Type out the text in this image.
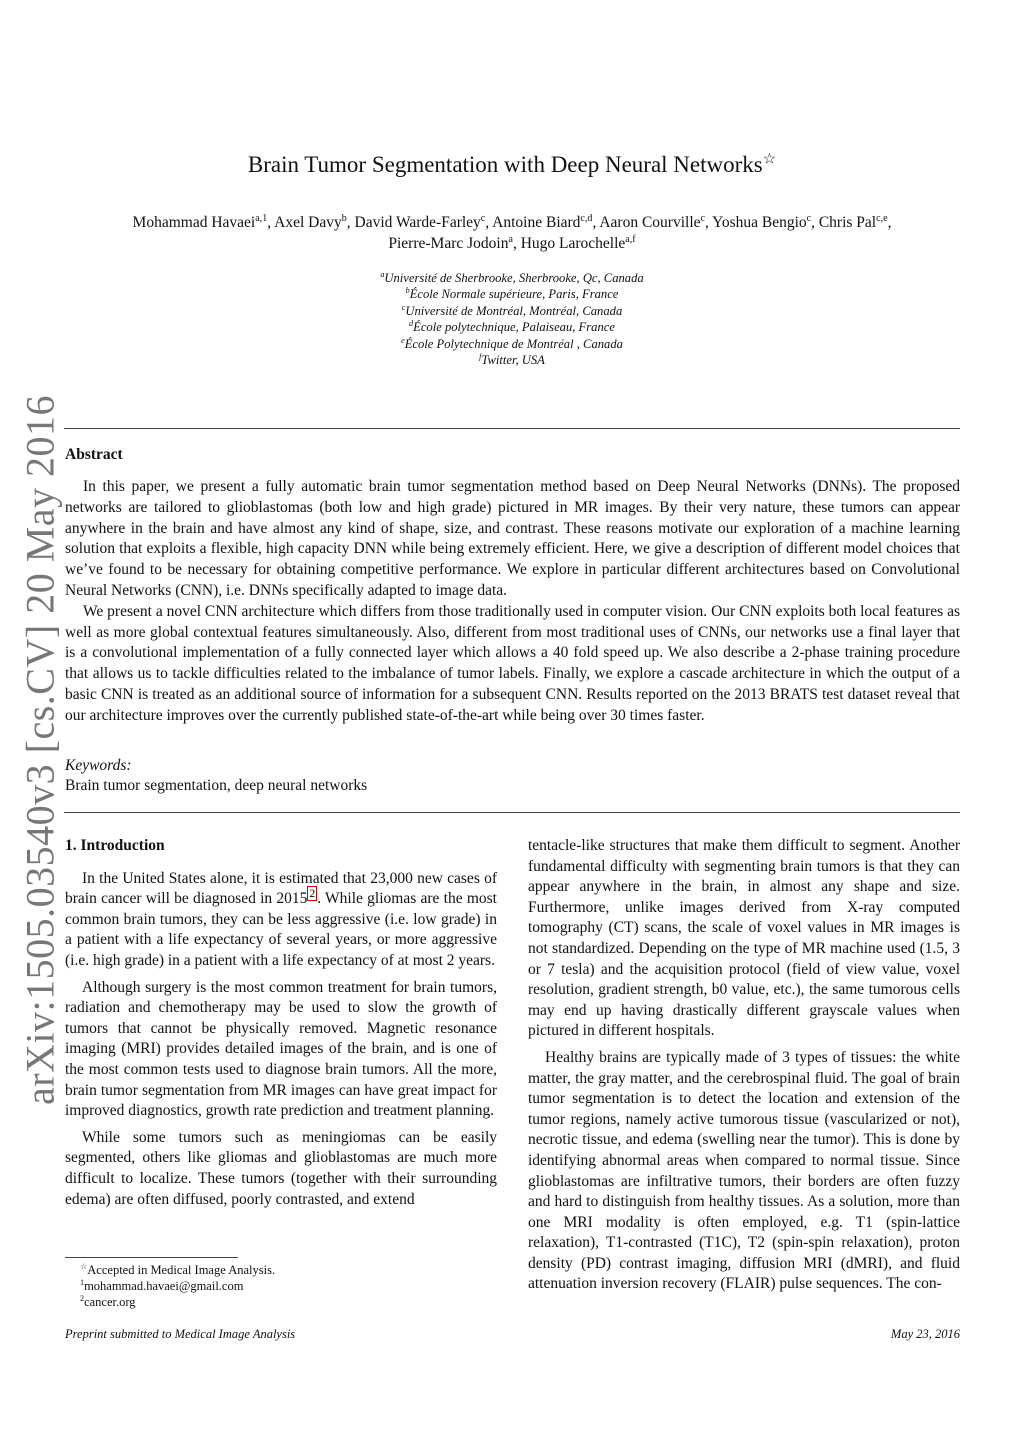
arXiv:1505.03540v3 [cs.CV] 20 May 2016
Brain Tumor Segmentation with Deep Neural Networks☆
Mohammad Havaei$^{a,1}$, Axel Davy$^b$, David Warde-Farley$^c$, Antoine Biard$^{c,d}$, Aaron Courville$^c$, Yoshua Bengio$^c$, Chris Pal$^{c,e}$,
Pierre-Marc Jodoin$^a$, Hugo Larochelle$^{a,f}$
$^a$Université de Sherbrooke, Sherbrooke, Qc, Canada
$^b$École Normale supérieure, Paris, France
$^c$Université de Montréal, Montréal, Canada
$^d$École polytechnique, Palaiseau, France
$^e$École Polytechnique de Montréal , Canada
$^f$Twitter, USA
Abstract

In this paper, we present a fully automatic brain tumor segmentation method based on Deep Neural Networks (DNNs). The proposed networks are tailored to glioblastomas (both low and high grade) pictured in MR images. By their very nature, these tumors can appear anywhere in the brain and have almost any kind of shape, size, and contrast. These reasons motivate our exploration of a machine learning solution that exploits a flexible, high capacity DNN while being extremely efficient. Here, we give a description of different model choices that we’ve found to be necessary for obtaining competitive performance. We explore in particular different architectures based on Convolutional Neural Networks (CNN), i.e. DNNs specifically adapted to image data.

We present a novel CNN architecture which differs from those traditionally used in computer vision. Our CNN exploits both local features as well as more global contextual features simultaneously. Also, different from most traditional uses of CNNs, our networks use a final layer that is a convolutional implementation of a fully connected layer which allows a 40 fold speed up. We also describe a 2-phase training procedure that allows us to tackle difficulties related to the imbalance of tumor labels. Finally, we explore a cascade architecture in which the output of a basic CNN is treated as an additional source of information for a subsequent CNN. Results reported on the 2013 BRATS test dataset reveal that our architecture improves over the currently published state-of-the-art while being over 30 times faster.

Keywords:
Brain tumor segmentation, deep neural networks
1. Introduction

In the United States alone, it is estimated that 23,000 new cases of brain cancer will be diagnosed in 2015 $^2$ . While gliomas are the most common brain tumors, they can be less aggressive (i.e. low grade) in a patient with a life expectancy of several years, or more aggressive (i.e. high grade) in a patient with a life expectancy of at most 2 years.

Although surgery is the most common treatment for brain tumors, radiation and chemotherapy may be used to slow the growth of tumors that cannot be physically removed. Magnetic resonance imaging (MRI) provides detailed images of the brain, and is one of the most common tests used to diagnose brain tumors. All the more, brain tumor segmentation from MR images can have great impact for improved diagnostics, growth rate prediction and treatment planning.

While some tumors such as meningiomas can be easily segmented, others like gliomas and glioblastomas are much more difficult to localize. These tumors (together with their surrounding edema) are often diffused, poorly contrasted, and extend

tentacle-like structures that make them difficult to segment. Another fundamental difficulty with segmenting brain tumors is that they can appear anywhere in the brain, in almost any shape and size. Furthermore, unlike images derived from X-ray computed tomography (CT) scans, the scale of voxel values in MR images is not standardized. Depending on the type of MR machine used (1.5, 3 or 7 tesla) and the acquisition protocol (field of view value, voxel resolution, gradient strength, b0 value, etc.), the same tumorous cells may end up having drastically different grayscale values when pictured in different hospitals.

Healthy brains are typically made of 3 types of tissues: the white matter, the gray matter, and the cerebrospinal fluid. The goal of brain tumor segmentation is to detect the location and extension of the tumor regions, namely active tumorous tissue (vascularized or not), necrotic tissue, and edema (swelling near the tumor). This is done by identifying abnormal areas when compared to normal tissue. Since glioblastomas are infiltrative tumors, their borders are often fuzzy and hard to distinguish from healthy tissues. As a solution, more than one MRI modality is often employed, e.g. T1 (spin-lattice relaxation), T1-contrasted (T1C), T2 (spin-spin relaxation), proton density (PD) contrast imaging, diffusion MRI (dMRI), and fluid attenuation inversion recovery (FLAIR) pulse sequences. The con-

☆Accepted in Medical Image Analysis.
$^1$mohammad.havaei@gmail.com
$^2$cancer.org
Preprint submitted to Medical Image Analysis	May 23, 2016
